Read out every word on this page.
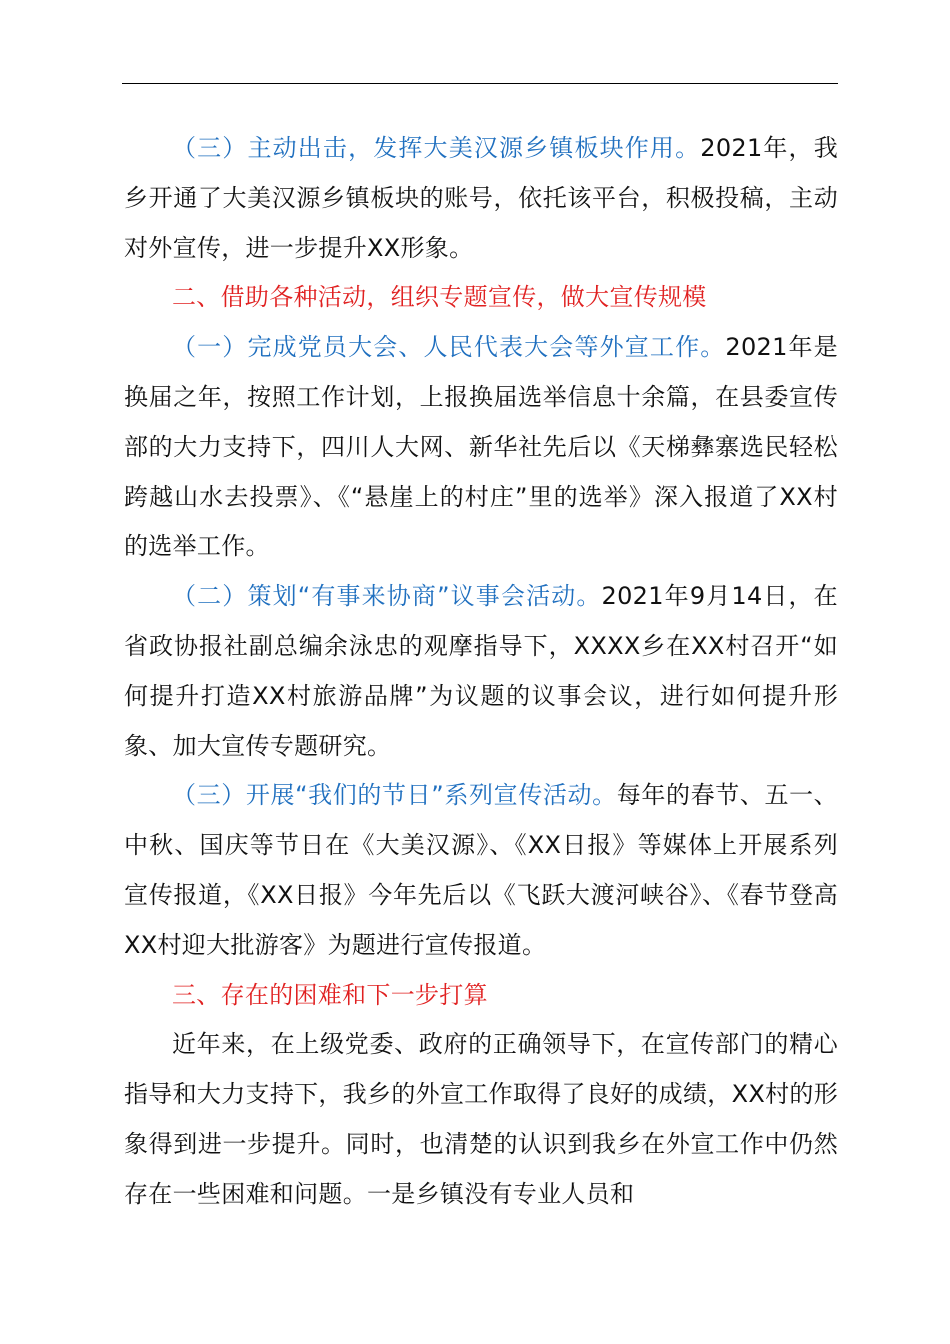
（三）主动出击，发挥大美汉源乡镇板块作用。2021年，我乡开通了大美汉源乡镇板块的账号，依托该平台，积极投稿，主动对外宣传，进一步提升XX形象。

二、借助各种活动，组织专题宣传，做大宣传规模

（一）完成党员大会、人民代表大会等外宣工作。2021年是换届之年，按照工作计划，上报换届选举信息十余篇，在县委宣传部的大力支持下，四川人大网、新华社先后以《天梯彝寨选民轻松跨越山水去投票》、《“悬崖上的村庄”里的选举》深入报道了XX村的选举工作。

（二）策划“有事来协商”议事会活动。2021年9月14日，在省政协报社副总编余泳忠的观摩指导下，XXXX乡在XX村召开“如何提升打造XX村旅游品牌”为议题的议事会议，进行如何提升形象、加大宣传专题研究。

（三）开展“我们的节日”系列宣传活动。每年的春节、五一、中秋、国庆等节日在《大美汉源》、《XX日报》等媒体上开展系列宣传报道，《XX日报》今年先后以《飞跃大渡河峡谷》、《春节登高XX村迎大批游客》为题进行宣传报道。

三、存在的困难和下一步打算

近年来，在上级党委、政府的正确领导下，在宣传部门的精心指导和大力支持下，我乡的外宣工作取得了良好的成绩，XX村的形象得到进一步提升。同时，也清楚的认识到我乡在外宣工作中仍然存在一些困难和问题。一是乡镇没有专业人员和
